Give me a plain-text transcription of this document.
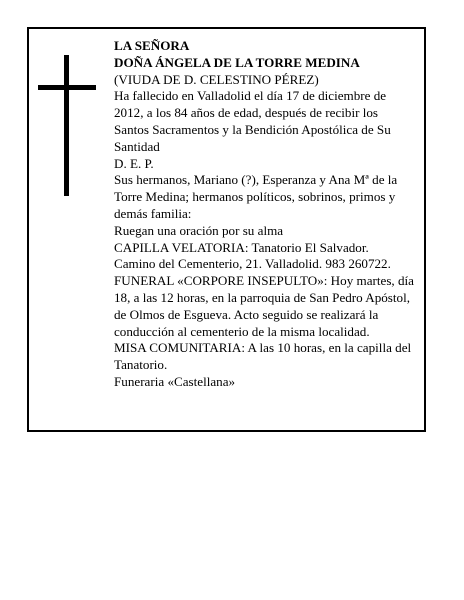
LA SEÑORA

DOÑA ÁNGELA DE LA TORRE MEDINA

(VIUDA DE D. CELESTINO PÉREZ)

Ha fallecido en Valladolid el día 17 de diciembre de 2012, a los 84 años de edad, después de recibir los Santos Sacramentos y la Bendición Apostólica de Su Santidad

D. E. P.

Sus hermanos, Mariano (?), Esperanza y Ana Mª de la Torre Medina; hermanos políticos, sobrinos, primos y demás familia:

Ruegan una oración por su alma

CAPILLA VELATORIA: Tanatorio El Salvador.

Camino del Cementerio, 21. Valladolid. 983 260722.

FUNERAL «CORPORE INSEPULTO»: Hoy martes, día 18, a las 12 horas, en la parroquia de San Pedro Apóstol, de Olmos de Esgueva. Acto seguido se realizará la conducción al cementerio de la misma localidad.

MISA COMUNITARIA: A las 10 horas, en la capilla del Tanatorio.

Funeraria «Castellana»
